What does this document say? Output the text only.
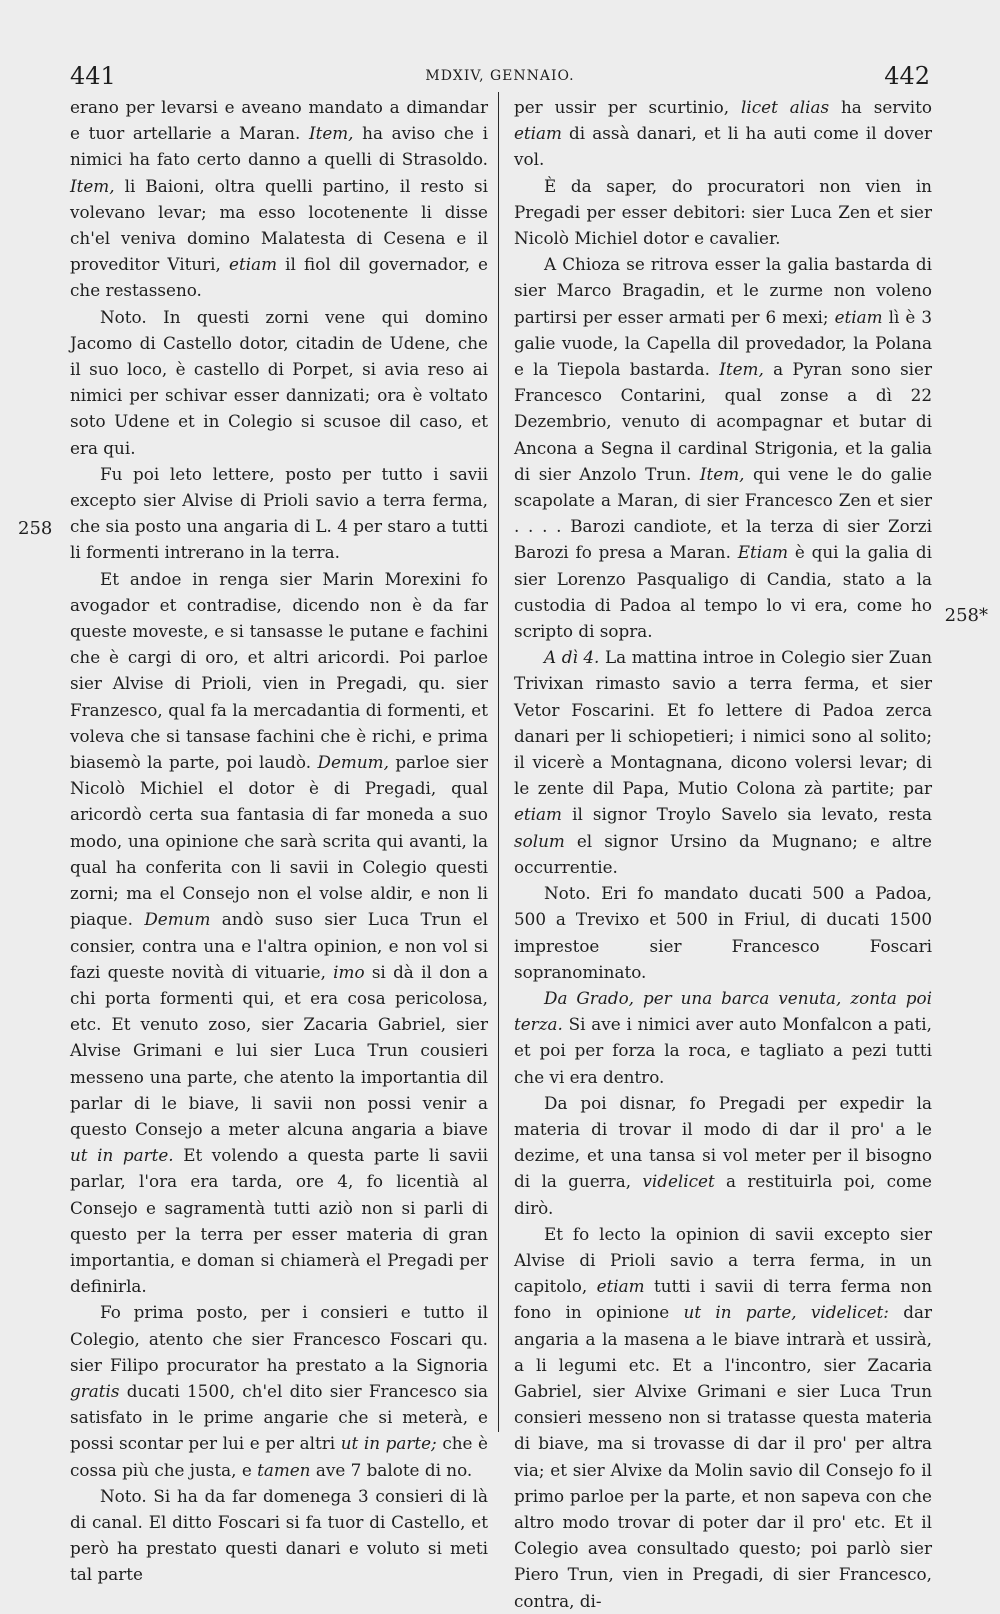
441	MDXIV, GENNAIO.	442
258
258*

erano per levarsi e aveano mandato a dimandar e tuor artellarie a Maran. Item, ha aviso che i nimici ha fato certo danno a quelli di Strasoldo. Item, li Baioni, oltra quelli partino, il resto si volevano levar; ma esso locotenente li disse ch'el veniva domino Malatesta di Cesena e il proveditor Vituri, etiam il fiol dil governador, e che restasseno.

Noto. In questi zorni vene qui domino Jacomo di Castello dotor, citadin de Udene, che il suo loco, è castello di Porpet, si avia reso ai nimici per schivar esser dannizati; ora è voltato soto Udene et in Colegio si scusoe dil caso, et era qui.

Fu poi leto lettere, posto per tutto i savii excepto sier Alvise di Prioli savio a terra ferma, che sia posto una angaria di L. 4 per staro a tutti li formenti intrerano in la terra.

Et andoe in renga sier Marin Morexini fo avogador et contradise, dicendo non è da far queste moveste, e si tansasse le putane e fachini che è cargi di oro, et altri aricordi. Poi parloe sier Alvise di Prioli, vien in Pregadi, qu. sier Franzesco, qual fa la mercadantia di formenti, et voleva che si tansase fachini che è richi, e prima biasemò la parte, poi laudò. Demum, parloe sier Nicolò Michiel el dotor è di Pregadi, qual aricordò certa sua fantasia di far moneda a suo modo, una opinione che sarà scrita qui avanti, la qual ha conferita con li savii in Colegio questi zorni; ma el Consejo non el volse aldir, e non li piaque. Demum andò suso sier Luca Trun el consier, contra una e l'altra opinion, e non vol si fazi queste novità di vituarie, imo si dà il don a chi porta formenti qui, et era cosa pericolosa, etc. Et venuto zoso, sier Zacaria Gabriel, sier Alvise Grimani e lui sier Luca Trun cousieri messeno una parte, che atento la importantia dil parlar di le biave, li savii non possi venir a questo Consejo a meter alcuna angaria a biave ut in parte. Et volendo a questa parte li savii parlar, l'ora era tarda, ore 4, fo licentià al Consejo e sagramentà tutti aziò non si parli di questo per la terra per esser materia di gran importantia, e doman si chiamerà el Pregadi per definirla.

Fo prima posto, per i consieri e tutto il Colegio, atento che sier Francesco Foscari qu. sier Filipo procurator ha prestato a la Signoria gratis ducati 1500, ch'el dito sier Francesco sia satisfato in le prime angarie che si meterà, e possi scontar per lui e per altri ut in parte; che è cossa più che justa, e tamen ave 7 balote di no.

Noto. Si ha da far domenega 3 consieri di là di canal. El ditto Foscari si fa tuor di Castello, et però ha prestato questi danari e voluto si meti tal parte

per ussir per scurtinio, licet alias ha servito etiam di assà danari, et li ha auti come il dover vol.

È da saper, do procuratori non vien in Pregadi per esser debitori: sier Luca Zen et sier Nicolò Michiel dotor e cavalier.

A Chioza se ritrova esser la galia bastarda di sier Marco Bragadin, et le zurme non voleno partirsi per esser armati per 6 mexi; etiam lì è 3 galie vuode, la Capella dil provedador, la Polana e la Tiepola bastarda. Item, a Pyran sono sier Francesco Contarini, qual zonse a dì 22 Dezembrio, venuto di acompagnar et butar di Ancona a Segna il cardinal Strigonia, et la galia di sier Anzolo Trun. Item, qui vene le do galie scapolate a Maran, di sier Francesco Zen et sier . . . . Barozi candiote, et la terza di sier Zorzi Barozi fo presa a Maran. Etiam è qui la galia di sier Lorenzo Pasqualigo di Candia, stato a la custodia di Padoa al tempo lo vi era, come ho scripto di sopra.

A dì 4. La mattina introe in Colegio sier Zuan Trivixan rimasto savio a terra ferma, et sier Vetor Foscarini. Et fo lettere di Padoa zerca danari per li schiopetieri; i nimici sono al solito; il vicerè a Montagnana, dicono volersi levar; di le zente dil Papa, Mutio Colona zà partite; par etiam il signor Troylo Savelo sia levato, resta solum el signor Ursino da Mugnano; e altre occurrentie.

Noto. Eri fo mandato ducati 500 a Padoa, 500 a Trevixo et 500 in Friul, di ducati 1500 imprestoe sier Francesco Foscari sopranominato.

Da Grado, per una barca venuta, zonta poi terza. Si ave i nimici aver auto Monfalcon a pati, et poi per forza la roca, e tagliato a pezi tutti che vi era dentro.

Da poi disnar, fo Pregadi per expedir la materia di trovar il modo di dar il pro' a le dezime, et una tansa si vol meter per il bisogno di la guerra, videlicet a restituirla poi, come dirò.

Et fo lecto la opinion di savii excepto sier Alvise di Prioli savio a terra ferma, in un capitolo, etiam tutti i savii di terra ferma non fono in opinione ut in parte, videlicet: dar angaria a la masena a le biave intrarà et ussirà, a li legumi etc. Et a l'incontro, sier Zacaria Gabriel, sier Alvixe Grimani e sier Luca Trun consieri messeno non si tratasse questa materia di biave, ma si trovasse di dar il pro' per altra via; et sier Alvixe da Molin savio dil Consejo fo il primo parloe per la parte, et non sapeva con che altro modo trovar di poter dar il pro' etc. Et il Colegio avea consultado questo; poi parlò sier Piero Trun, vien in Pregadi, di sier Francesco, contra, di-
